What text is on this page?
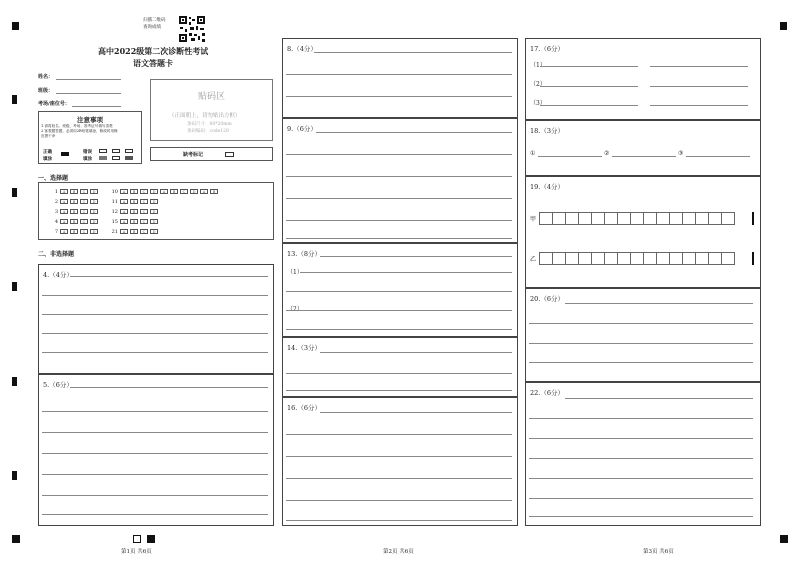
扫描二维码
查询成绩
高中2022级第二次诊断性考试
语文答题卡
姓名：
班级：
考场/座位号：
注意事项
1.请将姓名、班级、考场、准考证号填写清楚
2.客观题答题，必须用2B铅笔填涂，修改时用橡
皮擦干净
正确
填涂
错误
填涂
贴码区
（正面朝上，切勿贴出方框）
条码尺寸：60*20mm
条码编码：code128
缺考标记
一、选择题
二、非选择题
1 A B C D
2 A B C D
3 A B C D
4 A B C D
7 A B C D
10 A B C D A B C D A B
11 A B C D
12 A B C D
15 A B C D
21 A B C D
4.（4分）
5.（6分）
8.（4分）
9.（6分）
13.（8分）
（1）
（2）
14.（3分）
16.（6分）
17.（6分）
（1）
（2）
（3）
18.（3分）
①	②	③
19.（4分）
甲
乙
20.（6分）
22.（6分）
第1页 共6页	第2页 共6页	第3页 共6页
